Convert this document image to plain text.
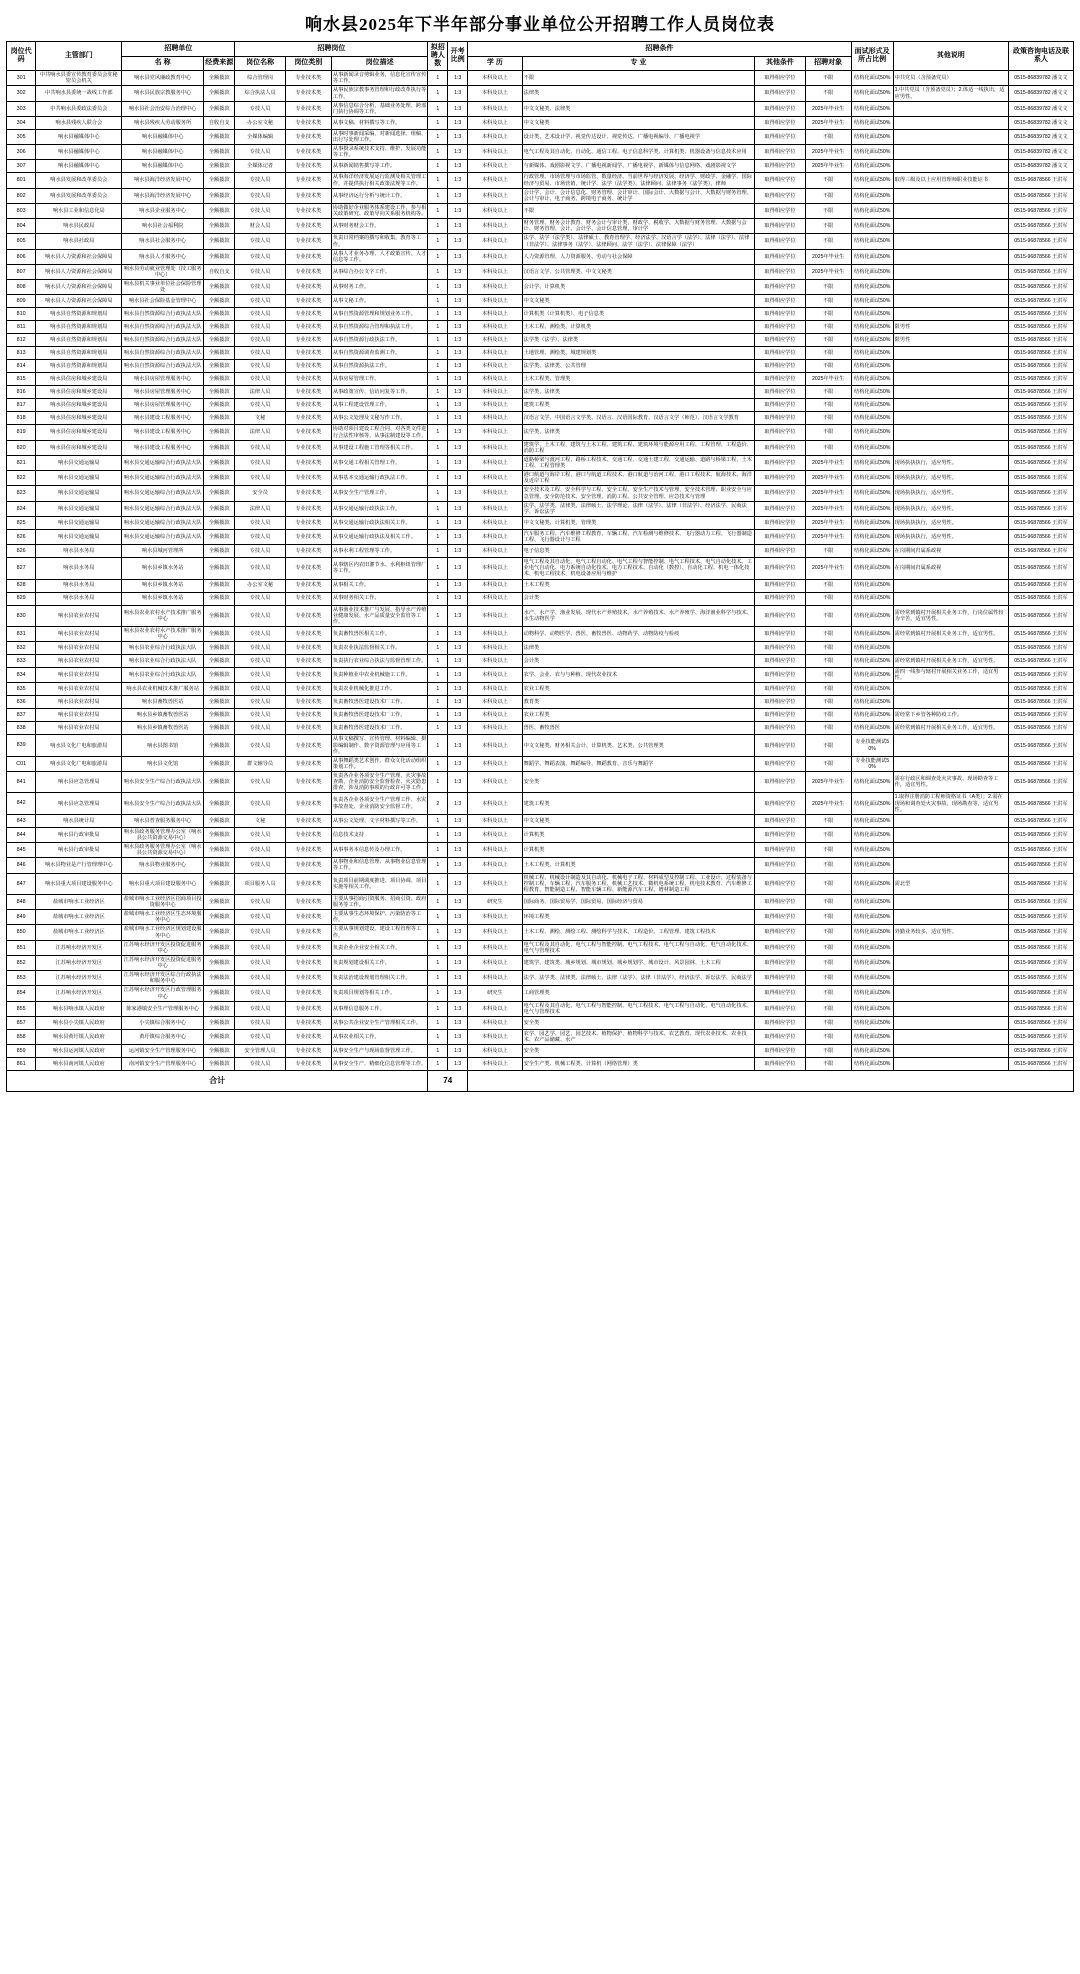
响水县2025年下半年部分事业单位公开招聘工作人员岗位表
岗位代码	主管部门	招聘单位		招聘岗位			拟招聘人数	开考比例	招聘条件				面试形式及所占比例	其他说明	政策咨询电话及联系人
		名 称	经费来源	岗位名称	岗位类别	岗位描述			学 历	专 业	其他条件	招聘对象			
301	中共响水县委宣传教育委员会驻秘密员会机关	响水县党风廉政教育中心	全额拨款	综合管理岗	专业技术类	从事新闻录音剪辑业务，信息化宣传宣传等工作。	1	1:3	本科及以上	不限	取得相应学位	不限	结构化面试50%	中共党员（含预备党员）	0515-86839782 潘文文
302	中共响水县委统一战线工作部	响水县民族宗教服务中心	全额拨款	综合执法人员	专业技术类	从事民族宗教事务管理和行政改革执行等工作。	1	1:3	本科及以上	法律类	取得相应学位	不限	结构化面试50%	1.中共党员（含预备党员）；2.体适一线执出，适应男性。	0515-86839782 潘文文
303	中共响水县委政法委员会	响水县社会治安综合治理中心	全额拨款	专技人员	专业技术类	从事信息综合分析、基础业务处理、跨部门执行协调等工作。	1	1:3	本科及以上	中文文秘类、法律类	取得相应学位	2025年毕业生	结构化面试50%		0515-86839782 潘文文
304	响水县残疾人联合会	响水县残疾人劳动服务所	自收自支	办公室文秘	专业技术类	从事文稿、材料撰写等工作。	1	1:3	本科及以上	中文文秘类	取得相应学位	2025年毕业生	结构化面试50%		0515-86839782 潘文文
305	响水县融媒体中心	响水县融媒体中心	全额拨款	全媒体编辑	专业技术类	从事时事新闻采编、对新闻选择、组稿、出行写处理工作。	1	1:3	本科及以上	设计类、艺术设计学、视觉传达设计、视觉传达、广播电视编导、广播电视学	取得相应学位	不限	结构化面试50%		0515-86839782 潘文文
306	响水县融媒体中心	响水县融媒体中心	全额拨款	专技人员	专业技术类	从事摄录系统技术支持、维护、发展功能等工作。	1	1:3	本科及以上	电气工程及其自动化、自动化、通信工程、电子信息科学类、计算机类、机器设备与信息技术应用	取得相应学位	2025年毕业生	结构化面试50%		0515-86839782 潘文文
307	响水县融媒体中心	响水县融媒体中心	全额拨款	全媒体记者	专业技术类	从事新闻销售撰写等工作。	1	1:3	本科及以上	与新媒体、戏剧影视文学、广播电视新闻学、广播电视学、新媒体与信息网络、戏剧影视文学	取得相应学位	2025年毕业生	结构化面试50%		0515-86839782 潘文文
801	响水县发展和改革委员会	响水县海洋经济发展中心	全额拨款	专技人员	专业技术类	从事海洋经济发展运行监测及相关管理工作，并提供执行相关政策法规等工作。	1	1:3	本科及以上	行政管理、市场管理与市场监管、数量经济、当前世界与经济发展、经济学、财政学、金融学、国际经济与贸易、市场营销、统计学、法学（法学类）、法律顾问、法律事务（法学类）、律师	取得相应学位	不限	结构化面试50%	取得三级及以上应用管理师职业技能证书	0515-96878566 王洪军
802	响水县发展和改革委员会	响水县海洋经济发展中心	全额拨款	专技人员	专业技术类	从事经济运行分析与统计工作。	1	1:3	本科及以上	会计学、会计、会计信息化、财务管理、会计审计、国际会计、大数据与会计、大数据与财务管理、会计与审计、电子商务、跨境电子商务、统计学	取得相应学位	不限	结构化面试50%		0515-96878566 王洪军
803	响水县工业和信息化局	响水县企业服务中心	全额拨款	专技人员	专业技术类	协助做好企业服务体系建设工作，参与相关政策研究、政策导向关系服务机构等。	1	1:3	本科及以上	不限	取得相应学位	不限	结构化面试50%		0515-96878566 王洪军
804	响水县民政局	响水县社会福利院	全额拨款	财会人员	专业技术类	从事财务财会工作。	1	1:3	本科及以上	财务管理、财务会计教育、财务会计与审计类、财政学、税收学、大数据与财务管理、大数据与会计、财务管理、会计、会计学、会计信息管理、审计学	取得相应学位	不限	结构化面试50%		0515-96878566 王洪军
805	响水县社政局	响水县社会服务中心	全额拨款	专技人员	专业技术类	负责日常档案的撰写和收集，教育等工作。	1	1:3	本科及以上	法学、法学（法学类）、法律硕士、教育管理学、经济法学、汉语言学（法学）、法律（法学）、法律（非法学）、法律事务（法学）、法律顾问、法学（法学）、法律保障（法学）	取得相应学位	不限	结构化面试50%		0515-96878566 王洪军
806	响水县人力资源和社会保障局	响水县人才服务中心	全额拨款	专技人员	专业技术类	从事人才业务办理、人才政策宣传、人才信息等工作。	1	1:3	本科及以上	人力资源管理、人力资源服务、劳动与社会保障	取得相应学位	2025年毕业生	结构化面试50%		0515-96878566 王洪军
807	响水县人力资源和社会保障局	响水县劳动就业管理处（技工服务中心）	自收自支	专技人员	专业技术类	从事综合办公文字工作。	1	1:3	本科及以上	汉语言文学、公共管理类、中文文秘类	取得相应学位	2025年毕业生	结构化面试50%		0515-96878566 王洪军
808	响水县人力资源和社会保障局	响水县机关事业单位社会保险管理处	全额拨款	专技人员	专业技术类	从事财务工作。	1	1:3	本科及以上	会计学、计算机类	取得相应学位	不限	结构化面试50%		0515-96878566 王洪军
809	响水县人力资源和社会保障局	响水县社会保险基金管理中心	全额拨款	专技人员	专业技术类	从事文秘工作。	1	1:3	本科及以上	中文文秘类	取得相应学位	不限	结构化面试50%		0515-96878566 王洪军
810	响水县自然资源和规划局	响水县自然资源综合行政执法大队	全额拨款	专技人员	专业技术类	从事自然资源管理和规划业务工作。	1	1:3	本科及以上	计算机类（计算机类）、电子信息类	取得相应学位	不限	结构化面试50%		0515-96878566 王洪军
811	响水县自然资源和规划局	响水县自然资源综合行政执法大队	全额拨款	专技人员	专业技术类	从事自然资源综合管理和执法工作。	1	1:3	本科及以上	土木工程、测绘类、计算机类	取得相应学位	不限	结构化面试50%	限男性	0515-96878566 王洪军
812	响水县自然资源和规划局	响水县自然资源综合行政执法大队	全额拨款	专技人员	专业技术类	从事自然资源行政执法工作。	1	1:3	本科及以上	法学类（法学）、法律类	取得相应学位	不限	结构化面试50%	限男性	0515-96878566 王洪军
813	响水县自然资源和规划局	响水县自然资源综合行政执法大队	全额拨款	专技人员	专业技术类	从事自然资源调查监测工作。	1	1:3	本科及以上	土地管理、测绘类、城建规划类	取得相应学位	不限	结构化面试50%		0515-96878566 王洪军
814	响水县自然资源和规划局	响水县自然资源综合行政执法大队	全额拨款	专技人员	专业技术类	从事自然资源执法工作。	1	1:3	本科及以上	法学类、法律类、公共管理	取得相应学位	不限	结构化面试50%		0515-96878566 王洪军
815	响水县住房和城乡建设局	响水县房屋管理服务中心	全额拨款	专技人员	专业技术类	从事房屋管理工作。	1	1:3	本科及以上	土木工程类、管理类	取得相应学位	2025年毕业生	结构化面试50%		0515-96878566 王洪军
816	响水县住房和城乡建设局	响水县房屋管理服务中心	全额拨款	法律人员	专业技术类	从事政策宣传、信访问复等工作。	1	1:3	本科及以上	法学类、法律类	取得相应学位	不限	结构化面试50%		0515-96878566 王洪军
817	响水县住房和城乡建设局	响水县房屋管理服务中心	全额拨款	专技人员	专业技术类	从事工程建设管理工作。	1	1:3	本科及以上	建筑工程类	取得相应学位	不限	结构化面试50%		0515-96878566 王洪军
818	响水县住房和城乡建设局	响水县建设工程服务中心	全额拨款	文秘	专业技术类	从事公文处理及文秘写作工作。	1	1:3	本科及以上	汉语言文学、中国语言文学类、汉语言、汉语国际教育、汉语言文学（师范）、汉语言文学教育	取得相应学位	不限	结构化面试50%		0515-96878566 王洪军
819	响水县住房和城乡建设局	响水县建设工程服务中心	全额拨款	法律人员	专业技术类	协助对项目建设工程合同、对各类文件进行合法性审核等，从事法制建设等工作。	1	1:3	本科及以上	法学类、法律类	取得相应学位	不限	结构化面试50%		0515-96878566 王洪军
820	响水县住房和城乡建设局	响水县建设工程服务中心	全额拨款	专技人员	专业技术类	从事建设工程施工管理等相关工作。	1	1:3	本科及以上	建筑学、土木工程、建筑与土木工程、建筑工程、建筑环境与能源应用工程、工程管理、工程造价、消防工程	取得相应学位	不限	结构化面试50%		0515-96878566 王洪军
821	响水县交通运输局	响水县交通运输综合行政执法大队	全额拨款	专技人员	专业技术类	从事交通工程相关管理工作。	1	1:3	本科及以上	道路桥梁与渡河工程、路桥工程技术、交通工程、交通土建工程、交通运输、道路与桥梁工程、土木工程、工程管理类	取得相应学位	2025年毕业生	结构化面试50%	现场执执执行，适应男性。	0515-96878566 王洪军
822	响水县交通运输局	响水县交通运输综合行政执法大队	全额拨款	专技人员	专业技术类	从事基本交通运输行政执法工作。	1	1:3	本科及以上	港口航道与海岸工程、港口与航道工程技术、港口航道与治河工程、港口工程技术、航海技术、海洋及近岸工程	取得相应学位	2025年毕业生	结构化面试50%	现场执执执行，适应男性。	0515-96878566 王洪军
823	响水县交通运输局	响水县交通运输综合行政执法大队	全额拨款	安全员	专业技术类	从事安全生产管理工作。	1	1:3	本科及以上	安全技术及工程、安全科学与工程、安全工程、安全生产技术与管理、安全技术管理、职业安全与应急管理、安全防范技术、安全管理、消防工程、公共安全管理、应急技术与管理	取得相应学位	2025年毕业生	结构化面试50%	现场执执执行，适应男性。	0515-96878566 王洪军
824	响水县交通运输局	响水县交通运输综合行政执法大队	全额拨款	法律人员	专业技术类	从事交通运输行政执法工作。	1	1:3	本科及以上	法学、法学类、法律类、法律硕士、法学理论、法律（法学）、法律（非法学）、经济法学、民商法学、诉讼法学	取得相应学位	2025年毕业生	结构化面试50%	现场执执执行，适应男性。	0515-96878566 王洪军
825	响水县交通运输局	响水县交通运输综合行政执法大队	全额拨款	专技人员	专业技术类	从事交通运输行政执法相关工作。	1	1:3	本科及以上	中文文秘类、计算机类、管理类	取得相应学位	2025年毕业生	结构化面试50%	现场执执执行，适应男性。	0515-96878566 王洪军
826	响水县交通运输局	响水县交通运输综合行政执法大队	全额拨款	专技人员	专业技术类	从事交通运输行政执法及相关工作。	1	1:3	本科及以上	汽车服务工程、汽车维修工程教育、车辆工程、汽车检测与维修技术、飞行器动力工程、飞行器制造工程、飞行器设计与工程	取得相应学位	2025年毕业生	结构化面试50%	现场执执执行，适应男性。	0515-96878566 王洪军
826	响水县水务局	响水县城河管理所	全额拨款	专技人员	专业技术类	从事水利工程管理等工作。	1	1:3	本科及以上	电子信息类	取得相应学位	不限	结构化面试50%	在岗期间归属系政视	0515-96878566 王洪军
827	响水县水务局	响水县乡镇水务站	全额拨款	专技人员	专业技术类	从事辖区内农田灌节水、水利枢纽管理厂等工作。	1	1:3	本科及以上	电气工程及其自动化、电气工程自动化、电气工程与智能控制、电气工程技术、电气自动化技术、工业电气自动化、电力系统自动化技术、电力工程技术、自动化（数控）、自动化工程、机电一体化技术、机电工程技术、机电设备应用与维护	取得相应学位	2025年毕业生	结构化面试50%	在岗期间归属系政视	0515-96878566 王洪军
828	响水县水务局	响水县乡镇水务站	全额拨款	办公室文秘	专业技术类	从事相关工作。	1	1:3	本科及以上	土木工程类	取得相应学位	不限	结构化面试50%		0515-96878566 王洪军
829	响水县水务局	响水县乡镇水务站	全额拨款	专技人员	专业技术类	从事财务相关工作。	1	1:3	本科及以上	会计类	取得相应学位	不限	结构化面试50%		0515-96878566 王洪军
830	响水县农业农村局	响水县农业农村水产技术推广服务中心	全额拨款	专技人员	专业技术类	从事渔业技术推广与发展、指导水产养殖业健康发展、水产品质量安全监管等工作。	1	1:3	本科及以上	水产、水产学、渔业发展、现代水产养殖技术、水产养殖技术、水产养殖学、海洋渔业科学与技术、水生动物医学	取得相应学位	不限	结构化面试50%	需经常到镇村开展相关业务工作，行岗位属性较为辛苦，适宜男性。	0515-96878566 王洪军
831	响水县农业农村局	响水县农业农村水产技术推广服务中心	全额拨款	专技人员	专业技术类	负责畜牧兽医相关工作。	1	1:3	本科及以上	动物科学、动物医学、兽医、畜牧兽医、动物药学、动物防疫与检疫	取得相应学位	不限	结构化面试50%	需经常到镇村开展相关业务工作，适宜男性。	0515-96878566 王洪军
832	响水县农业农村局	响水县农业综合行政执法大队	全额拨款	专技人员	专业技术类	负责农业执法监督相关工作。	1	1:3	本科及以上	法律类	取得相应学位	不限	结构化面试50%		0515-96878566 王洪军
833	响水县农业农村局	响水县农业综合行政执法大队	全额拨款	专技人员	专业技术类	负责执行农业综合执法与监督管理工作。	1	1:3	本科及以上	会计类	取得相应学位	不限	结构化面试50%	需经常到镇村开展相关业务工作，适宜男性。	0515-96878566 王洪军
834	响水县农业农村局	响水县农业综合行政执法大队	全额拨款	专技人员	专业技术类	负责种植业中农业机械施工工作。	1	1:3	本科及以上	农学、会业、农与与种植、现代农业技术	取得相应学位	不限	结构化面试50%	需四一线参与辖村开展相关业务工作，适宜男性。	0515-96878566 王洪军
835	响水县农业农村局	响水县农业机械技术推广服务站	全额拨款	专技人员	专业技术类	负责农业机械化推进工作。	1	1:3	本科及以上	农业工程类	取得相应学位	不限	结构化面试50%		0515-96878566 王洪军
836	响水县农业农村局	响水县畜牧兽医站	全额拨款	专技人员	专业技术类	负责畜牧兽医建设技术厂工作。	1	1:3	本科及以上	教育类	取得相应学位	不限	结构化面试50%		0515-96878566 王洪军
837	响水县农业农村局	响水县乡镇畜牧兽医站	全额拨款	专技人员	专业技术类	负责畜牧兽医建设技术厂工作。	1	1:3	本科及以上	农业工程类	取得相应学位	不限	结构化面试50%	需经常下乡管各种防疫工作。	0515-96878566 王洪军
838	响水县农业农村局	响水县乡镇畜牧兽医站	全额拨款	专技人员	专业技术类	负责畜牧兽医建设技术厂工作。	1	1:3	本科及以上	兽医、畜牧兽医	取得相应学位	不限	结构化面试50%	需经常到镇村开展相关业务工作，适宜男性。	0515-96878566 王洪军
839	响水县文化广电和旅游局	响水县图书馆	全额拨款	专技人员	专业技术类	从事文稿撰写、宣传管理、材料编辑、摄影编辑制作、数字资源管理与应用等工作。	1	1:3	本科及以上	中文文秘类、财务相关会计、计算机类、艺术类、公共管理类	取得相应学位	不限	专业技能测试50%		0515-96878566 王洪军
C01	响水县文化广电和旅游局	响水县文化馆	全额拨款	群文辅导员	专业技术类	从事舞蹈类艺术创作、群众文化活动组织策划工作。	1	1:3	本科及以上	舞蹈学、舞蹈表演、舞蹈编导、舞蹈教育、音乐与舞蹈学	取得相应学位	不限	专业技能测试50%		0515-96878566 王洪军
841	响水县应急管理局	响水县安全生产综合行政执法大队	全额拨款	专技人员	专业技术类	负责各企业各项安全生产管理、火灾事故查勘、企业消防安全监督检查、火灾隐患排查、涉及消防事项的行政许可等工作。	1	1:3	本科及以上	安全类	取得相应学位	2025年毕业生	结构化面试50%	需在行政区和调查处火灾事故、现场勘查等工作，适宜男性。	0515-96878566 王洪军
842	响水县应急管理局	响水县安全生产综合行政执法大队	全额拨款	专技人员	专业技术类	负责各企业各项安全生产管理工作、水灾事故查处、企业消防安全监督工作。	2	1:3	本科及以上	建筑工程类	取得相应学位	2025年毕业生	结构化面试50%	1.取得注册消防工程师资格证书（A类）；2.需在现场和调查处火灾事故、现场勘查等，适宜男性。	0515-96878566 王洪军
843	响水县统计局	响水县普查服务服务中心	全额拨款	文秘	专业技术类	从事公文处理、文字材料撰写等工作。	1	1:3	本科及以上	中文文秘类	取得相应学位	不限	结构化面试50%		0515-96878566 王洪军
844	响水县行政审批局	响水县政务服务管理办公室（响水县公共资源交易中心）	全额拨款	专技人员	专业技术类	信息技术支持	1	1:3	本科及以上	计算机类	取得相应学位	不限	结构化面试50%		0515-96878566 王洪军
845	响水县行政审批局	响水县政务服务管理办公室（响水县公共资源交易中心）	全额拨款	专技人员	专业技术类	从事事务本信息传及办理工作。	1	1:3	本科及以上	计算机类	取得相应学位	不限	结构化面试50%		0515-96878566 王洪军
846	响水县物业是产行管理理中心	响水县物业服务中心	全额拨款	专技人员	专业技术类	从事物业和信息管理、从事物业信息管理等工作。	1	1:3	本科及以上	土木工程类、计算机类	取得相应学位	不限	结构化面试50%		0515-96878566 王洪军
847	响水县重大项目建设服务中心	响水县重大项目建设服务中心	全额拨款	项目服务人员	专业技术类	负责项目前期调度推进、项目协调、项目实施等相关工作。	1	1:3	本科及以上	机械工程、机械设计制造及其自动化、机械电子工程、材料成型及控制工程、工业设计、过程装备与控制工程、车辆工程、汽车服务工程、机械工艺技术、微机电系统工程、机电技术教育、汽车维修工程教育、智能制造工程、智能车辆工程、新能源汽车工程、增材制造工程	取得相应学位	不限	结构化面试50%	需北型	0515-96878566 王洪军
848	盐城市响水工业经济区	盐城市响水工业经济区招商项目投资服务中心	全额拨款	专技人员	专业技术类	主要从事招商引资服务、招商引资、政府服务等工作。	1	1:3	研究生	国际商务、国际贸易学、国际贸易、国际经济与贸易	取得相应学位	不限	结构化面试50%		0515-96878566 王洪军
849	盐城市响水工业经济区	盐城市响水工业经济区生态环境服务中心	全额拨款	专技人员	专业技术类	主要从事生态环境保护、污染防治等工作。	1	1:3	本科及以上	环境工程类	取得相应学位	不限	结构化面试50%		0515-96878566 王洪军
850	盐城市响水工业经济区	盐城市响水工业经济区规划建设服务中心	全额拨款	专技人员	专业技术类	主要从事规划建设、建设工程管理等工作。	1	1:3	本科及以上	土木工程、测绘、测绘工程、测绘科学与技术、工程造价、工程管理、建筑工程技术	取得相应学位	不限	结构化面试50%	外勤业务较多，适宜男性。	0515-96878566 王洪军
851	江苏响水经济开发区	江苏响水经济开发区投资促进服务中心	全额拨款	专技人员	专业技术类	负责企业企业安全相关工作。	1	1:3	本科及以上	电气工程及其自动化、电气工程与智能控制、电气工程技术、电气工程与自动化、电气自动化技术、电气与管理技术	取得相应学位	不限	结构化面试50%		0515-96878566 王洪军
852	江苏响水经济开发区	江苏响水经济开发区投资促进服务中心	全额拨款	专技人员	专业技术类	负责规划建设相关工作。	1	1:3	本科及以上	建筑学、建筑类、城乡规划、城市规划、城乡规划学、城市设计、风景园林、土木工程	取得相应学位	不限	结构化面试50%		0515-96878566 王洪军
853	江苏响水经济开发区	江苏响水经济开发区综合行政执法和服务中心	全额拨款	专技人员	专业技术类	负责法治建设规划管理相关工作。	1	1:3	本科及以上	法学、法学类、法律类、法律硕士、法律（法学）、法律（非法学）、经济法学、诉讼法学、民商法学	取得相应学位	不限	结构化面试50%		0515-96878566 王洪军
854	江苏响水经济开发区	江苏响水经济开发区行政管理服务中心	全额拨款	专技人员	专业技术类	负责项目规划等相关工作。	1	1:3	研究生	工商管理类	取得相应学位	不限	结构化面试50%		0515-96878566 王洪军
855	响水县响水镇人民政府	陈家港镇安全生产管理服务中心	全额拨款	专技人员	专业技术类	从事理信息服务工作。	1	1:3	本科及以上	电气工程及其自动化、电气工程与智能控制、电气工程技术、电气工程与自动化、电气自动化技术、电气与管理技术	取得相应学位	不限	结构化面试50%		0515-96878566 王洪军
857	响水县小尖镇人民政府	小尖镇综合服务中心	全额拨款	专技人员	专业技术类	从事公共企业安全生产管理相关工作。	1	1:3	本科及以上	安全类	取得相应学位	不限	结构化面试50%		0515-96878566 王洪军
858	响水县黄圩镇人民政府	黄圩镇综合服务中心	全额拨款	专技人员	专业技术类	从事农业相关工作。	1	1:3	本科及以上	农学、园艺学、园艺、园艺技术、植物保护、植物科学与技术、农艺教育、现代农业技术、农业技术、农产品储藏、水产	取得相应学位	不限	结构化面试50%		0515-96878566 王洪军
859	响水县运河镇人民政府	运河镇安全生产管理服务中心	全额拨款	安全管理人员	专业技术类	从事安全生产与现场监督管理工作。	1	1:3	本科及以上	安全类	取得相应学位	不限	结构化面试50%		0515-96878566 王洪军
861	响水县南河镇人民政府	南河镇安全生产管理服务中心	全额拨款	专技人员	专业技术类	从事安全生产、精细化信息管理等工作。	1	1:3	本科及以上	安全生产类、机械工程类、计算机（网络管理）类	取得相应学位	不限	结构化面试50%		0515-96878566 王洪军
合计							74								
